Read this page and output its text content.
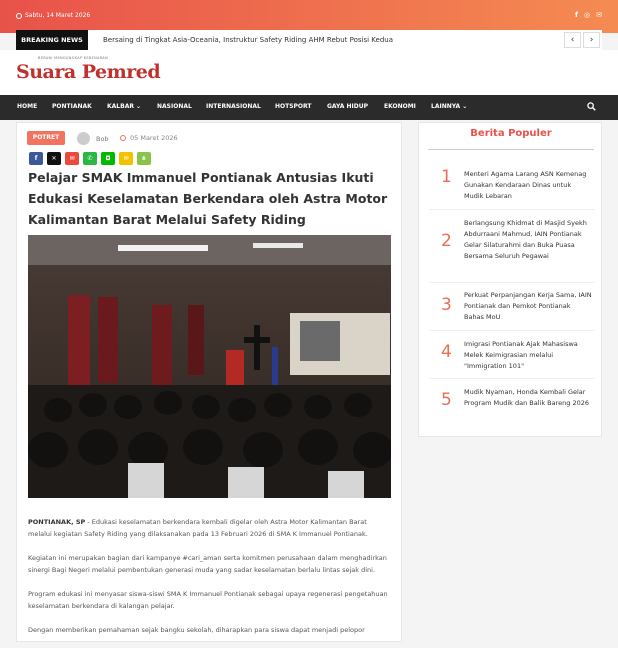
Sabtu, 14 Maret 2026	f ◎ ✉
BREAKING NEWS	Bersaing di Tingkat Asia-Oceania, Instruktur Safety Riding AHM Rebut Posisi Kedua	‹	›
BERANI MENGUNGKAP KEBENARAN
Suara Pemred
HOME PONTIANAK	KALBAR ⌄	NASIONAL INTERNASIONAL HOTSPORT	GAYA HIDUP	EKONOMI	LAINNYA ⌄
POTRET	Bob	05 Maret 2026
f	✕	✉	✆	◘	✉	⋔
Pelajar SMAK Immanuel Pontianak Antusias Ikuti Edukasi Keselamatan Berkendara oleh Astra Motor Kalimantan Barat Melalui Safety Riding

PONTIANAK, SP - Edukasi keselamatan berkendara kembali digelar oleh Astra Motor Kalimantan Barat melalui kegiatan Safety Riding yang dilaksanakan pada 13 Februari 2026 di SMA K Immanuel Pontianak.

Kegiatan ini merupakan bagian dari kampanye #cari_aman serta komitmen perusahaan dalam menghadirkan sinergi Bagi Negeri melalui pembentukan generasi muda yang sadar keselamatan berlalu lintas sejak dini.

Program edukasi ini menyasar siswa-siswi SMA K Immanuel Pontianak sebagai upaya regenerasi pengetahuan keselamatan berkendara di kalangan pelajar.

Dengan memberikan pemahaman sejak bangku sekolah, diharapkan para siswa dapat menjadi pelopor

Berita Populer
1 Menteri Agama Larang ASN Kemenag Gunakan Kendaraan Dinas untuk Mudik Lebaran
2
Berlangsung Khidmat di Masjid Syekh Abdurraani Mahmud, IAIN Pontianak Gelar Silaturahmi dan Buka Puasa Bersama Seluruh Pegawai
3 Perkuat Perpanjangan Kerja Sama, IAIN Pontianak dan Pemkot Pontianak Bahas MoU
4 Imigrasi Pontianak Ajak Mahasiswa Melek Keimigrasian melalui "Immigration 101"
5 Mudik Nyaman, Honda Kembali Gelar Program Mudik dan Balik Bareng 2026
